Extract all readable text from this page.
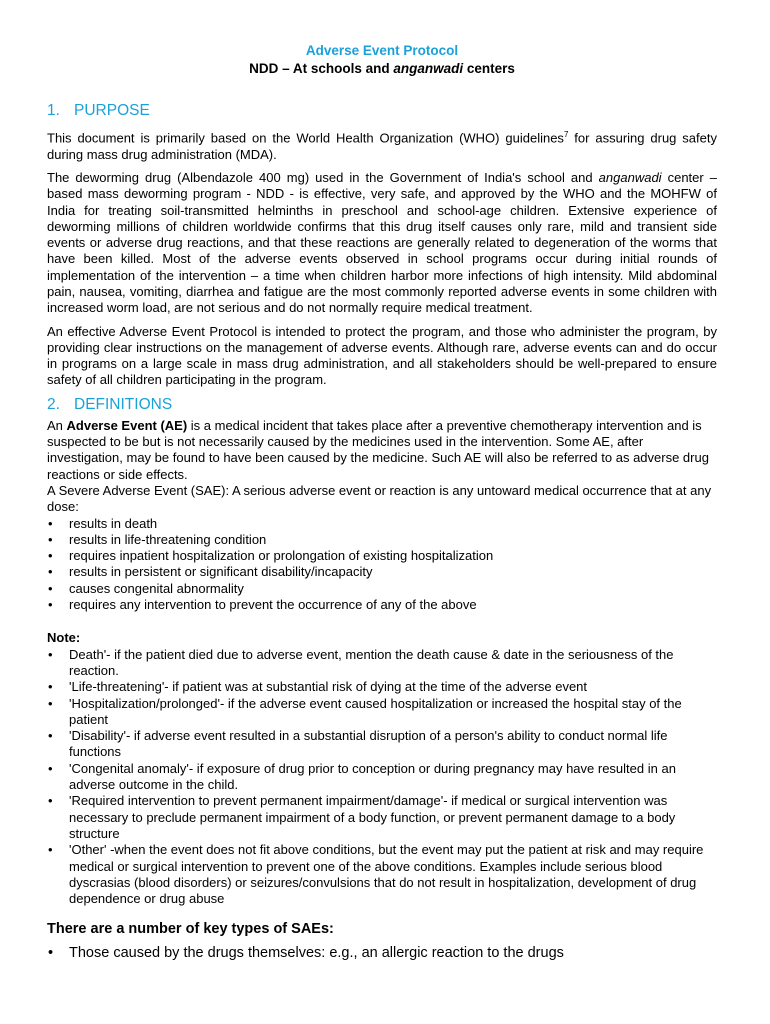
Adverse Event Protocol
NDD – At schools and anganwadi centers
1. PURPOSE

This document is primarily based on the World Health Organization (WHO) guidelines$^7$ for assuring drug safety during mass drug administration (MDA).

The deworming drug (Albendazole 400 mg) used in the Government of India's school and anganwadi center – based mass deworming program - NDD - is effective, very safe, and approved by the WHO and the MOHFW of India for treating soil-transmitted helminths in preschool and school-age children. Extensive experience of deworming millions of children worldwide confirms that this drug itself causes only rare, mild and transient side events or adverse drug reactions, and that these reactions are generally related to degeneration of the worms that have been killed. Most of the adverse events observed in school programs occur during initial rounds of implementation of the intervention – a time when children harbor more infections of high intensity. Mild abdominal pain, nausea, vomiting, diarrhea and fatigue are the most commonly reported adverse events in some children with increased worm load, are not serious and do not normally require medical treatment.

An effective Adverse Event Protocol is intended to protect the program, and those who administer the program, by providing clear instructions on the management of adverse events. Although rare, adverse events can and do occur in programs on a large scale in mass drug administration, and all stakeholders should be well-prepared to ensure safety of all children participating in the program.

2. DEFINITIONS

An Adverse Event (AE) is a medical incident that takes place after a preventive chemotherapy intervention and is suspected to be but is not necessarily caused by the medicines used in the intervention. Some AE, after investigation, may be found to have been caused by the medicine. Such AE will also be referred to as adverse drug reactions or side effects.

A Severe Adverse Event (SAE): A serious adverse event or reaction is any untoward medical occurrence that at any dose:

• results in death
• results in life-threatening condition
• requires inpatient hospitalization or prolongation of existing hospitalization
• results in persistent or significant disability/incapacity
• causes congenital abnormality
• requires any intervention to prevent the occurrence of any of the above

Note:

• Death'- if the patient died due to adverse event, mention the death cause & date in the seriousness of the reaction.
• 'Life-threatening'- if patient was at substantial risk of dying at the time of the adverse event
• 'Hospitalization/prolonged'- if the adverse event caused hospitalization or increased the hospital stay of the patient
• 'Disability'- if adverse event resulted in a substantial disruption of a person's ability to conduct normal life functions
• 'Congenital anomaly'- if exposure of drug prior to conception or during pregnancy may have resulted in an adverse outcome in the child.
• 'Required intervention to prevent permanent impairment/damage'- if medical or surgical intervention was necessary to preclude permanent impairment of a body function, or prevent permanent damage to a body structure
• 'Other' -when the event does not fit above conditions, but the event may put the patient at risk and may require medical or surgical intervention to prevent one of the above conditions. Examples include serious blood dyscrasias (blood disorders) or seizures/convulsions that do not result in hospitalization, development of drug dependence or drug abuse

There are a number of key types of SAEs:

• Those caused by the drugs themselves: e.g., an allergic reaction to the drugs
